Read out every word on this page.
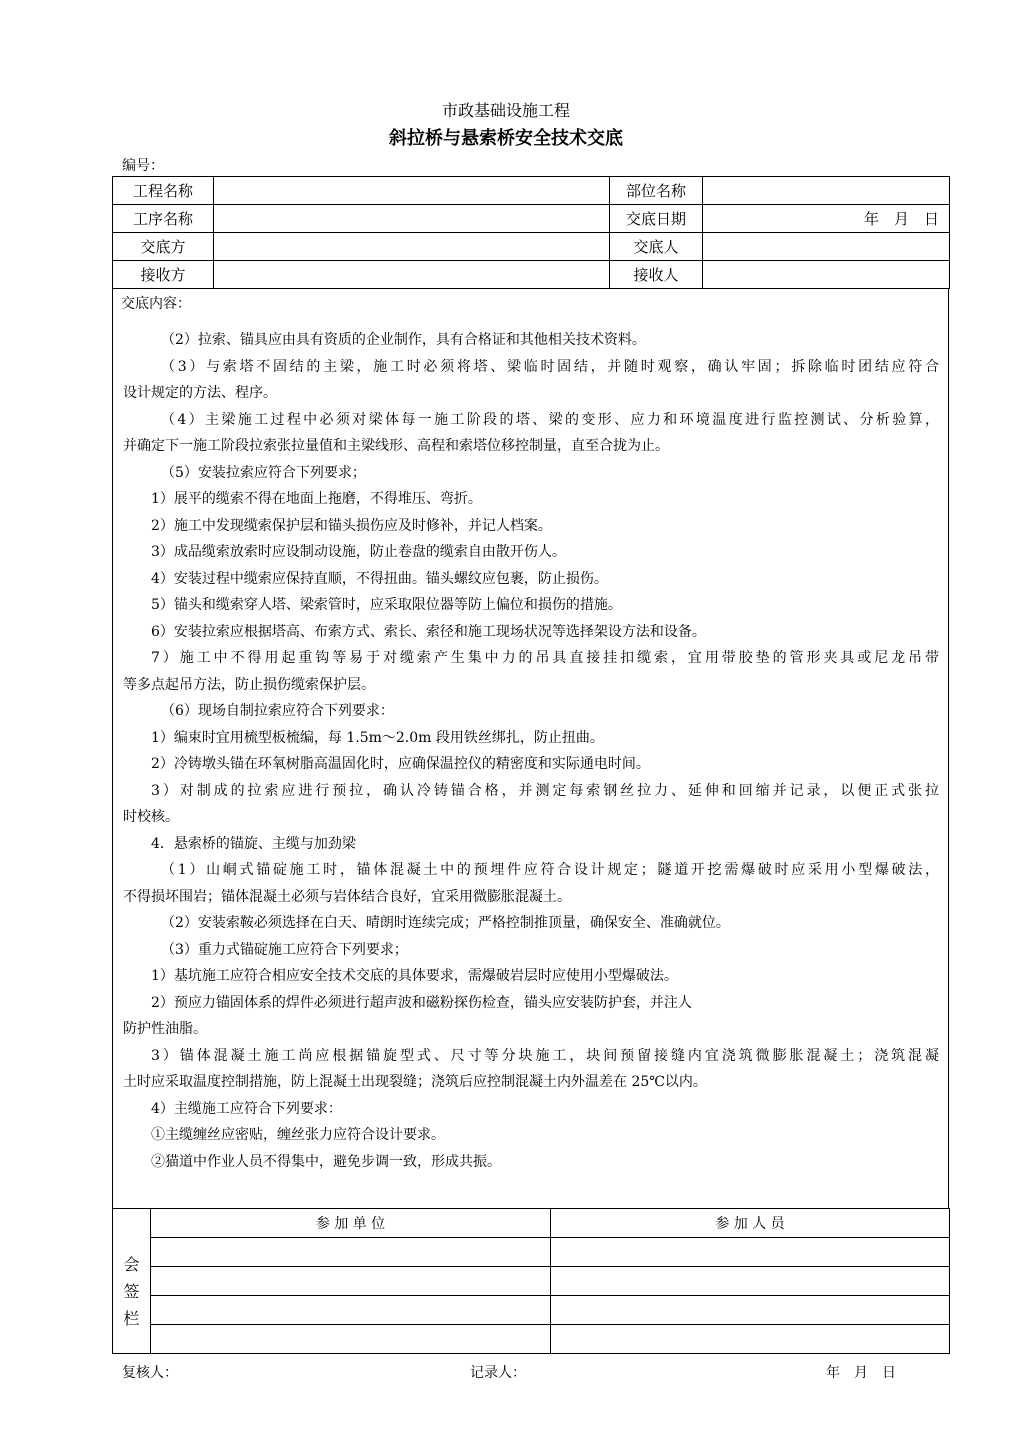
市政基础设施工程
斜拉桥与悬索桥安全技术交底
编号：
工程名称		部位名称	
工序名称		交底日期	年　月　日
交底方		交底人	
接收方		接收人	
交底内容：
（2）拉索、锚具应由具有资质的企业制作，具有合格证和其他相关技术资料。
（3）与索塔不固结的主梁，施工时必须将塔、梁临时固结，并随时观察，确认牢固；拆除临时团结应符合
设计规定的方法、程序。
（4）主梁施工过程中必须对梁体每一施工阶段的塔、梁的变形、应力和环境温度进行监控测试、分析验算，
并确定下一施工阶段拉索张拉量值和主梁线形、高程和索塔位移控制量，直至合拢为止。
（5）安装拉索应符合下列要求；
1）展平的缆索不得在地面上拖磨，不得堆压、弯折。
2）施工中发现缆索保护层和锚头损伤应及时修补，并记人档案。
3）成品缆索放索时应设制动设施，防止卷盘的缆索自由散开伤人。
4）安装过程中缆索应保持直顺，不得扭曲。锚头螺纹应包裹，防止损伤。
5）锚头和缆索穿人塔、梁索管时，应采取限位器等防上偏位和损伤的措施。
6）安装拉索应根据塔高、布索方式、索长、索径和施工现场状况等选择架设方法和设备。
7）施工中不得用起重钩等易于对缆索产生集中力的吊具直接挂扣缆索，宜用带胶垫的管形夹具或尼龙吊带
等多点起吊方法，防止损伤缆索保护层。
（6）现场自制拉索应符合下列要求：
1）编束时宜用梳型板梳编，每 1.5m～2.0m 段用铁丝绑扎，防止扭曲。
2）冷铸墩头锚在环氧树脂高温固化时，应确保温控仪的精密度和实际通电时间。
3）对制成的拉索应进行预拉，确认冷铸锚合格，并测定每索钢丝拉力、延伸和回缩并记录，以便正式张拉
时校核。
4．悬索桥的锚旋、主缆与加劲梁
（1）山峒式锚碇施工时，锚体混凝土中的预埋件应符合设计规定；隧道开挖需爆破时应采用小型爆破法，
不得损坏围岩；锚体混凝土必须与岩体结合良好，宜采用微膨胀混凝土。
（2）安装索鞍必须选择在白天、晴朗时连续完成；严格控制推顶量，确保安全、准确就位。
（3）重力式锚碇施工应符合下列要求；
1）基坑施工应符合相应安全技术交底的具体要求，需爆破岩层时应使用小型爆破法。
2）预应力锚固体系的焊件必须进行超声波和磁粉探伤检查，锚头应安装防护套，并注人
防护性油脂。
3）锚体混凝土施工尚应根据锚旋型式、尺寸等分块施工，块间预留接缝内宜浇筑微膨胀混凝土；浇筑混凝
土时应采取温度控制措施，防上混凝土出现裂缝；浇筑后应控制混凝土内外温差在 25℃以内。
4）主缆施工应符合下列要求：
①主缆缠丝应密贴，缠丝张力应符合设计要求。
②猫道中作业人员不得集中，避免步调一致，形成共振。
会
签
栏	参 加 单 位	参 加 人 员

复核人：	记录人：	年　月　日
